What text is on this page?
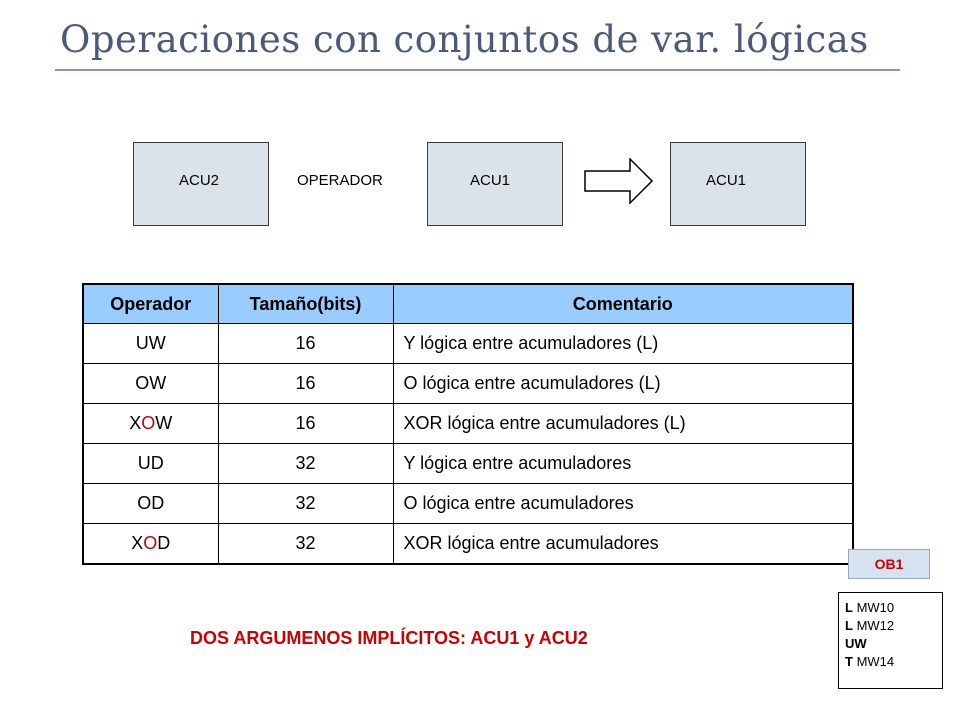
Operaciones con conjuntos de var. lógicas
ACU2	OPERADOR	ACU1	ACU1
Operador	Tamaño(bits)	Comentario
UW	16	Y lógica entre acumuladores (L)
OW	16	O lógica entre acumuladores (L)
XOW	16	XOR lógica entre acumuladores (L)
UD	32	Y lógica entre acumuladores
OD	32	O lógica entre acumuladores
XOD	32	XOR lógica entre acumuladores
OB1
L MW10
L MW12
UW
T MW14
DOS ARGUMENOS IMPLÍCITOS: ACU1 y ACU2
